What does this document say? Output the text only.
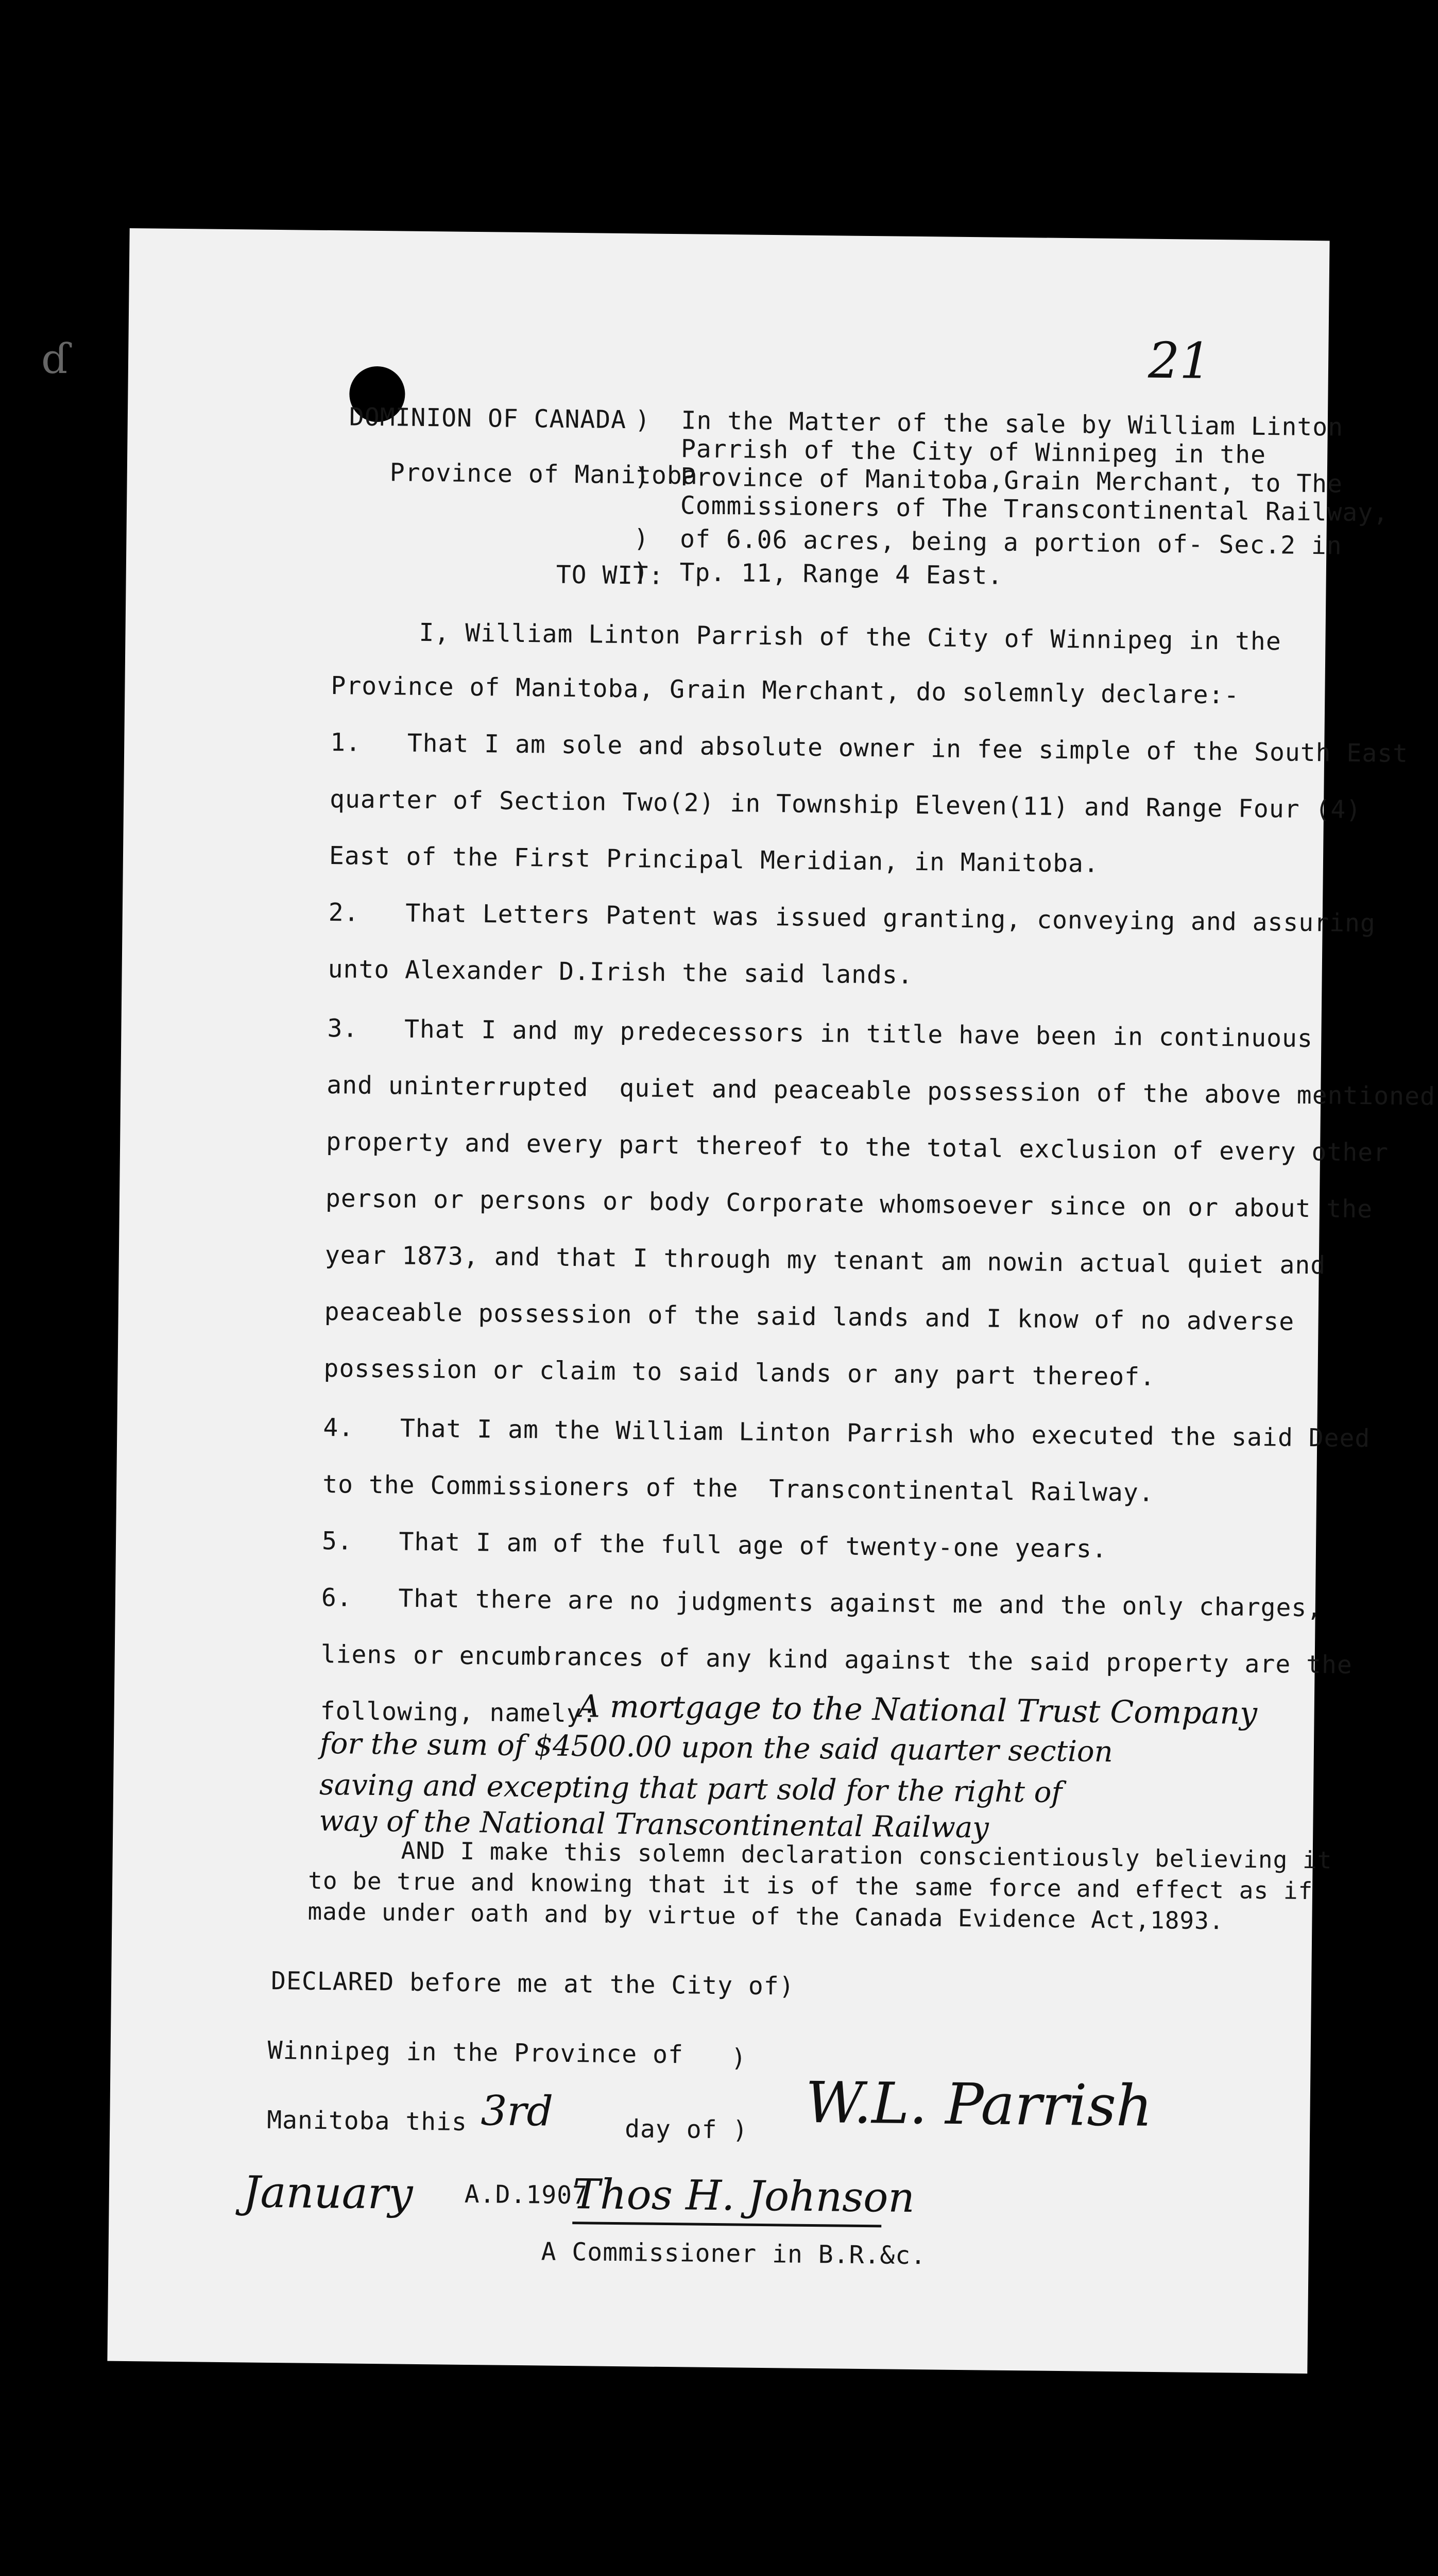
ɗ	21
DOMINION OF CANADA
Province of Manitoba
TO WIT:
)  In the Matter of the sale by William Linton
Parrish of the City of Winnipeg in the
)  Province of Manitoba,Grain Merchant, to The
Commissioners of The Transcontinental Railway,
)  of 6.06 acres, being a portion of- Sec.2 in
)  Tp. 11, Range 4 East.
I, William Linton Parrish of the City of Winnipeg in the
Province of Manitoba, Grain Merchant, do solemnly declare:-
1.   That I am sole and absolute owner in fee simple of the South East
quarter of Section Two(2) in Township Eleven(11) and Range Four (4)
East of the First Principal Meridian, in Manitoba.
2.   That Letters Patent was issued granting, conveying and assuring
unto Alexander D.Irish the said lands.
3.   That I and my predecessors in title have been in continuous
and uninterrupted  quiet and peaceable possession of the above mentioned
property and every part thereof to the total exclusion of every other
person or persons or body Corporate whomsoever since on or about the
year 1873, and that I through my tenant am nowin actual quiet and
peaceable possession of the said lands and I know of no adverse
possession or claim to said lands or any part thereof.
4.   That I am the William Linton Parrish who executed the said Deed
to the Commissioners of the  Transcontinental Railway.
5.   That I am of the full age of twenty-one years.
6.   That there are no judgments against me and the only charges,
liens or encumbrances of any kind against the said property are the
following, namely:
A mortgage to the National Trust Company
for the sum of $4500.00 upon the said quarter section
saving and excepting that part sold for the right of
way of the National Transcontinental Railway
AND I make this solemn declaration conscientiously believing it
to be true and knowing that it is of the same force and effect as if
made under oath and by virtue of the Canada Evidence Act,1893.
DECLARED before me at the City of)
Winnipeg in the Province of )
Manitoba this 3rd	day of )
January A.D.1907
Thos H. Johnson
A Commissioner in B.R.&c.
W.L. Parrish
